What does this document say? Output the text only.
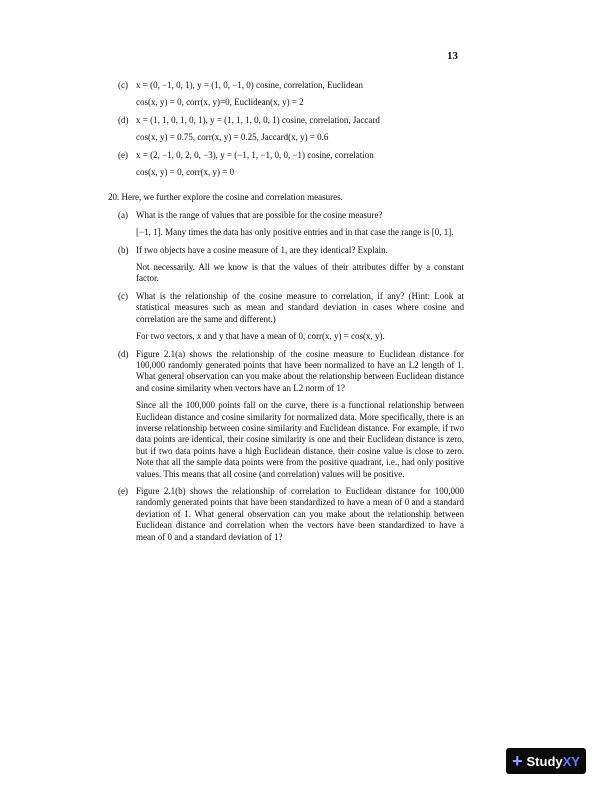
13
(c) x = (0, −1, 0, 1), y = (1, 0, −1, 0) cosine, correlation, Euclidean

cos(x, y) = 0, corr(x, y)=0, Euclidean(x, y) = 2

(d) x = (1, 1, 0, 1, 0, 1), y = (1, 1, 1, 0, 0, 1) cosine, correlation, Jaccard

cos(x, y) = 0.75, corr(x, y) = 0.25, Jaccard(x, y) = 0.6

(e) x = (2, −1, 0, 2, 0, −3), y = (−1, 1, −1, 0, 0, −1) cosine, correlation

cos(x, y) = 0, corr(x, y) = 0

20. Here, we further explore the cosine and correlation measures.

(a) What is the range of values that are possible for the cosine measure?

[−1, 1]. Many times the data has only positive entries and in that case the range is [0, 1].

(b) If two objects have a cosine measure of 1, are they identical? Explain.

Not necessarily. All we know is that the values of their attributes differ by a constant factor.

(c) What is the relationship of the cosine measure to correlation, if any? (Hint: Look at statistical measures such as mean and standard deviation in cases where cosine and correlation are the same and different.)

For two vectors, x and y that have a mean of 0, corr(x, y) = cos(x, y).

(d) Figure 2.1(a) shows the relationship of the cosine measure to Euclidean distance for 100,000 randomly generated points that have been normalized to have an L2 length of 1. What general observation can you make about the relationship between Euclidean distance and cosine similarity when vectors have an L2 norm of 1?

Since all the 100,000 points fall on the curve, there is a functional relationship between Euclidean distance and cosine similarity for normalized data. More specifically, there is an inverse relationship between cosine similarity and Euclidean distance. For example, if two data points are identical, their cosine similarity is one and their Euclidean distance is zero, but if two data points have a high Euclidean distance, their cosine value is close to zero. Note that all the sample data points were from the positive quadrant, i.e., had only positive values. This means that all cosine (and correlation) values will be positive.

(e) Figure 2.1(b) shows the relationship of correlation to Euclidean distance for 100,000 randomly generated points that have been standardized to have a mean of 0 and a standard deviation of 1. What general observation can you make about the relationship between Euclidean distance and correlation when the vectors have been standardized to have a mean of 0 and a standard deviation of 1?

+ Study XY
